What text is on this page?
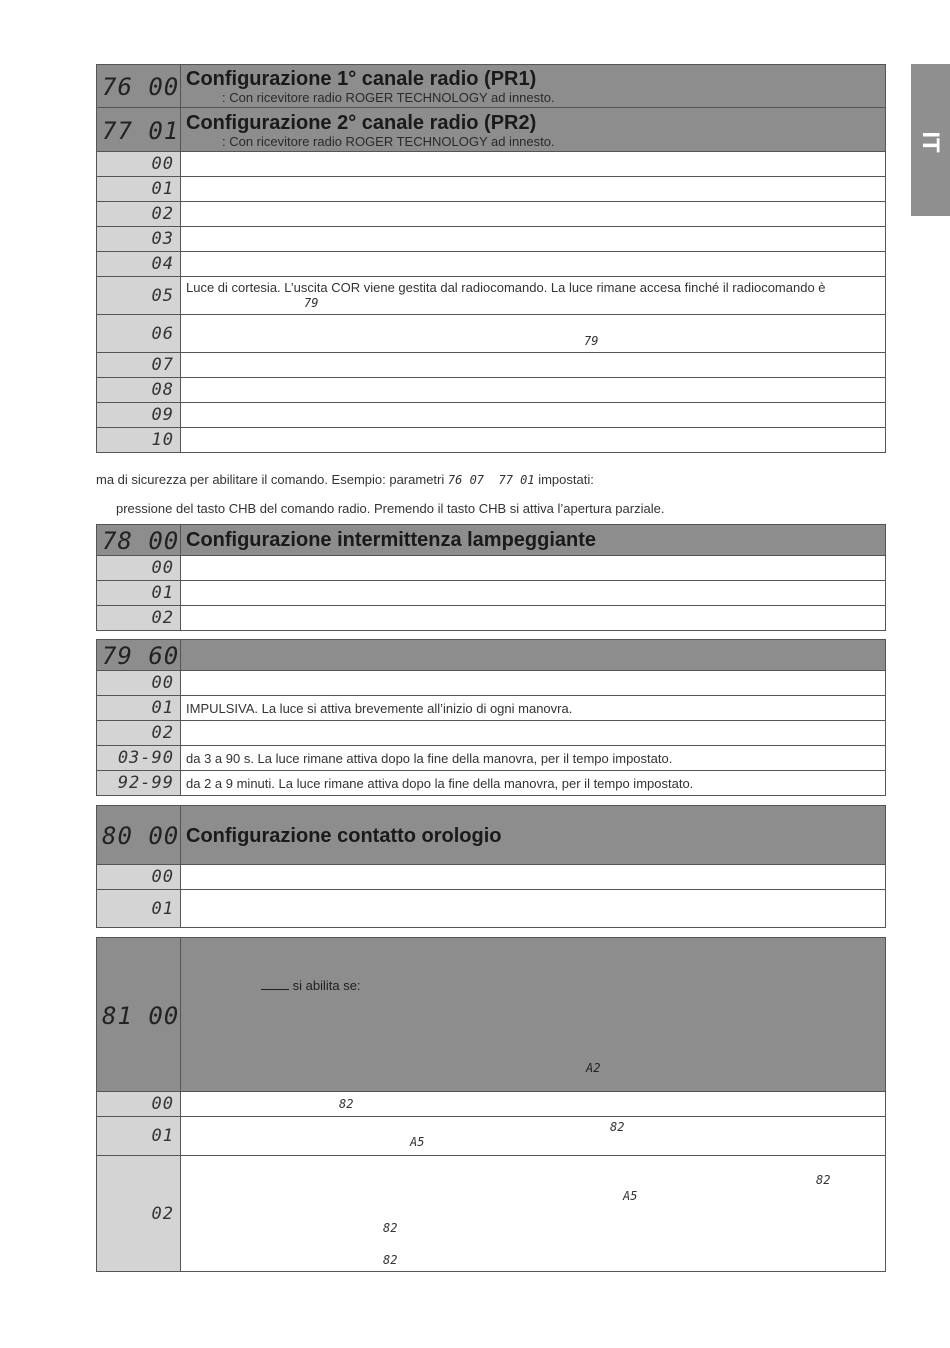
IT
76 00	Configurazione 1° canale radio (PR1)
: Con ricevitore radio ROGER TECHNOLOGY ad innesto.

77 01	Configurazione 2° canale radio (PR2)
: Con ricevitore radio ROGER TECHNOLOGY ad innesto.

00	
01	
02	
03	
04	
05	Luce di cortesia. L’uscita COR viene gestita dal radiocomando. La luce rimane accesa finché il radiocomando è
79

06	79

07	
08	
09	
10	
ma di sicurezza per abilitare il comando. Esempio: parametri 76 07 77 01 impostati:
pressione del tasto CHB del comando radio. Premendo il tasto CHB si attiva l’apertura parziale.
78 00	Configurazione intermittenza lampeggiante

00	
01	
02	
79 60	

00	
01	IMPULSIVA. La luce si attiva brevemente all’inizio di ogni manovra.
02	
03-90	da 3 a 90 s. La luce rimane attiva dopo la fine della manovra, per il tempo impostato.
92-99	da 2 a 9 minuti. La luce rimane attiva dopo la fine della manovra, per il tempo impostato.
80 00	Configurazione contatto orologio

00	
01	
81 00	si abilita se:
A2

00	82

01	82
A5

02	82
A5
82
82
